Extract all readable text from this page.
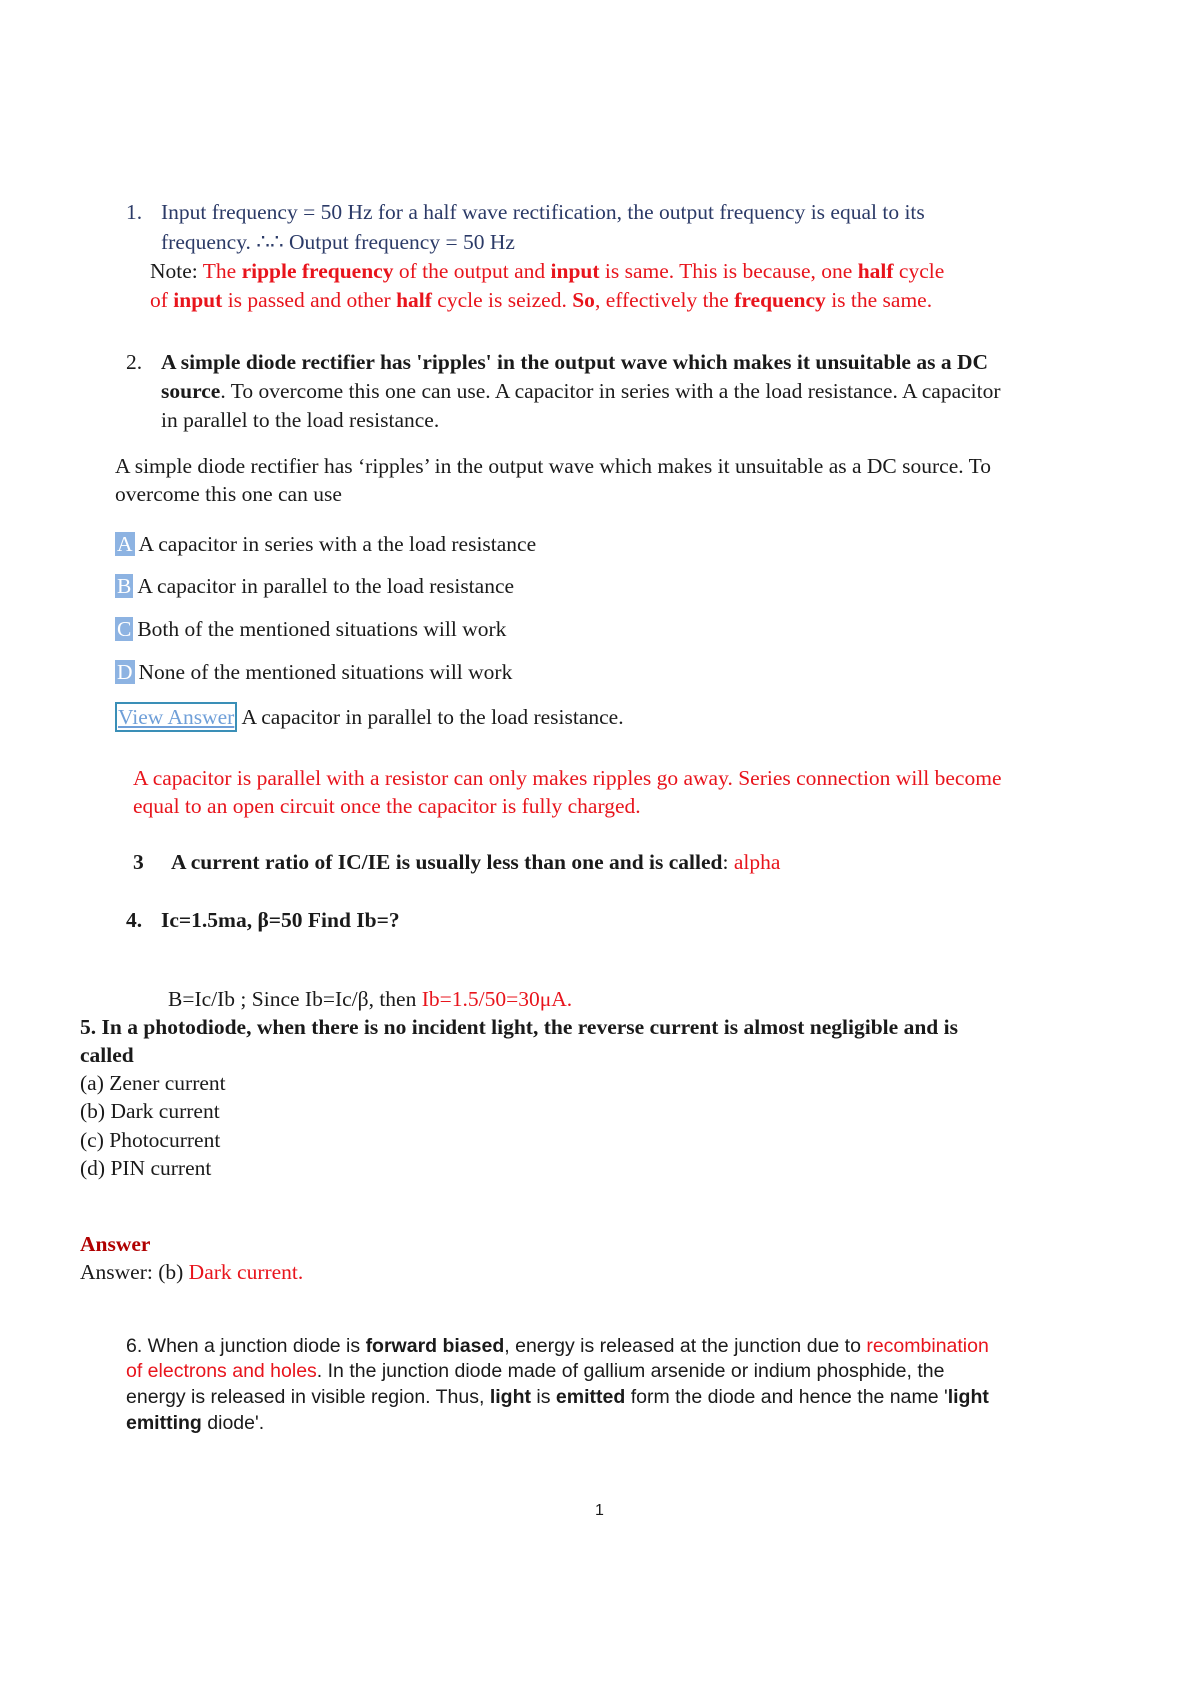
1. Input frequency = 50 Hz for a half wave rectification, the output frequency is equal to its
frequency. ∴∴ Output frequency = 50 Hz
Note: The ripple frequency of the output and input is same. This is because, one half cycle
of input is passed and other half cycle is seized. So, effectively the frequency is the same.
2. A simple diode rectifier has 'ripples' in the output wave which makes it unsuitable as a DC
source. To overcome this one can use. A capacitor in series with a the load resistance. A capacitor
in parallel to the load resistance.
A simple diode rectifier has ‘ripples’ in the output wave which makes it unsuitable as a DC source. To
overcome this one can use
A A capacitor in series with a the load resistance
B A capacitor in parallel to the load resistance
C Both of the mentioned situations will work
D None of the mentioned situations will work
View Answer A capacitor in parallel to the load resistance.
A capacitor is parallel with a resistor can only makes ripples go away. Series connection will become
equal to an open circuit once the capacitor is fully charged.
3 A current ratio of IC/IE is usually less than one and is called: alpha
4. Ic=1.5ma, β=50 Find Ib=?
B=Ic/Ib ; Since Ib=Ic/β, then Ib=1.5/50=30μA.
5. In a photodiode, when there is no incident light, the reverse current is almost negligible and is
called
(a) Zener current
(b) Dark current
(c) Photocurrent
(d) PIN current
Answer
Answer: (b) Dark current.
6. When a junction diode is forward biased, energy is released at the junction due to recombination
of electrons and holes. In the junction diode made of gallium arsenide or indium phosphide, the
energy is released in visible region. Thus, light is emitted form the diode and hence the name 'light
emitting diode'.
1
